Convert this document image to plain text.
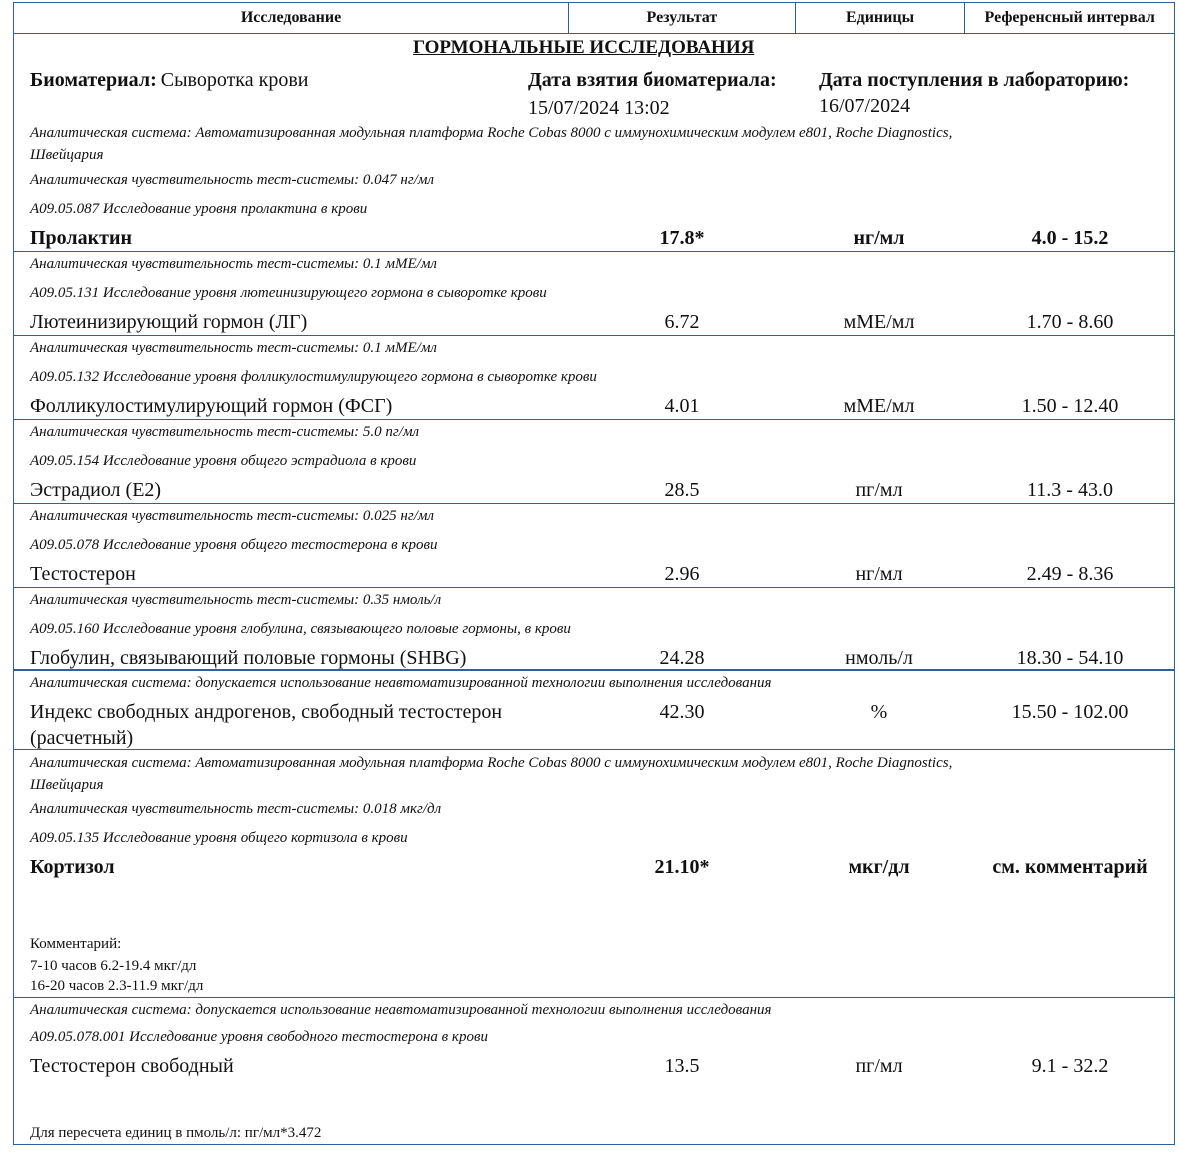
Исследование	Результат	Единицы	Референсный интервал
ГОРМОНАЛЬНЫЕ ИССЛЕДОВАНИЯ
Биоматериал: Сыворотка крови	Дата взятия биоматериала:
15/07/2024 13:02
Дата поступления в лабораторию:
16/07/2024
Аналитическая система: Автоматизированная модульная платформа Roche Cobas 8000 с иммунохимическим модулем e801, Roche Diagnostics,
Швейцария
Аналитическая чувствительность тест-системы: 0.047 нг/мл
A09.05.087 Исследование уровня пролактина в крови
Пролактин	17.8*	нг/мл	4.0 - 15.2
Аналитическая чувствительность тест-системы: 0.1 мМЕ/мл
A09.05.131 Исследование уровня лютеинизирующего гормона в сыворотке крови
Лютеинизирующий гормон (ЛГ)	6.72	мМЕ/мл	1.70 - 8.60
Аналитическая чувствительность тест-системы: 0.1 мМЕ/мл
A09.05.132 Исследование уровня фолликулостимулирующего гормона в сыворотке крови
Фолликулостимулирующий гормон (ФСГ)	4.01	мМЕ/мл	1.50 - 12.40
Аналитическая чувствительность тест-системы: 5.0 пг/мл
A09.05.154 Исследование уровня общего эстрадиола в крови
Эстрадиол (Е2)	28.5	пг/мл	11.3 - 43.0
Аналитическая чувствительность тест-системы: 0.025 нг/мл
A09.05.078 Исследование уровня общего тестостерона в крови
Тестостерон	2.96	нг/мл	2.49 - 8.36
Аналитическая чувствительность тест-системы: 0.35 нмоль/л
A09.05.160 Исследование уровня глобулина, связывающего половые гормоны, в крови
Глобулин, связывающий половые гормоны (SHBG)	24.28	нмоль/л	18.30 - 54.10
Аналитическая система: допускается использование неавтоматизированной технологии выполнения исследования
Индекс свободных андрогенов, свободный тестостерон
(расчетный)
42.30	%	15.50 - 102.00
Аналитическая система: Автоматизированная модульная платформа Roche Cobas 8000 с иммунохимическим модулем e801, Roche Diagnostics,
Швейцария
Аналитическая чувствительность тест-системы: 0.018 мкг/дл
A09.05.135 Исследование уровня общего кортизола в крови
Кортизол	21.10*	мкг/дл	см. комментарий
Комментарий:
7-10 часов 6.2-19.4 мкг/дл
16-20 часов 2.3-11.9 мкг/дл
Аналитическая система: допускается использование неавтоматизированной технологии выполнения исследования
A09.05.078.001 Исследование уровня свободного тестостерона в крови
Тестостерон свободный	13.5	пг/мл	9.1 - 32.2
Для пересчета единиц в пмоль/л: пг/мл*3.472
